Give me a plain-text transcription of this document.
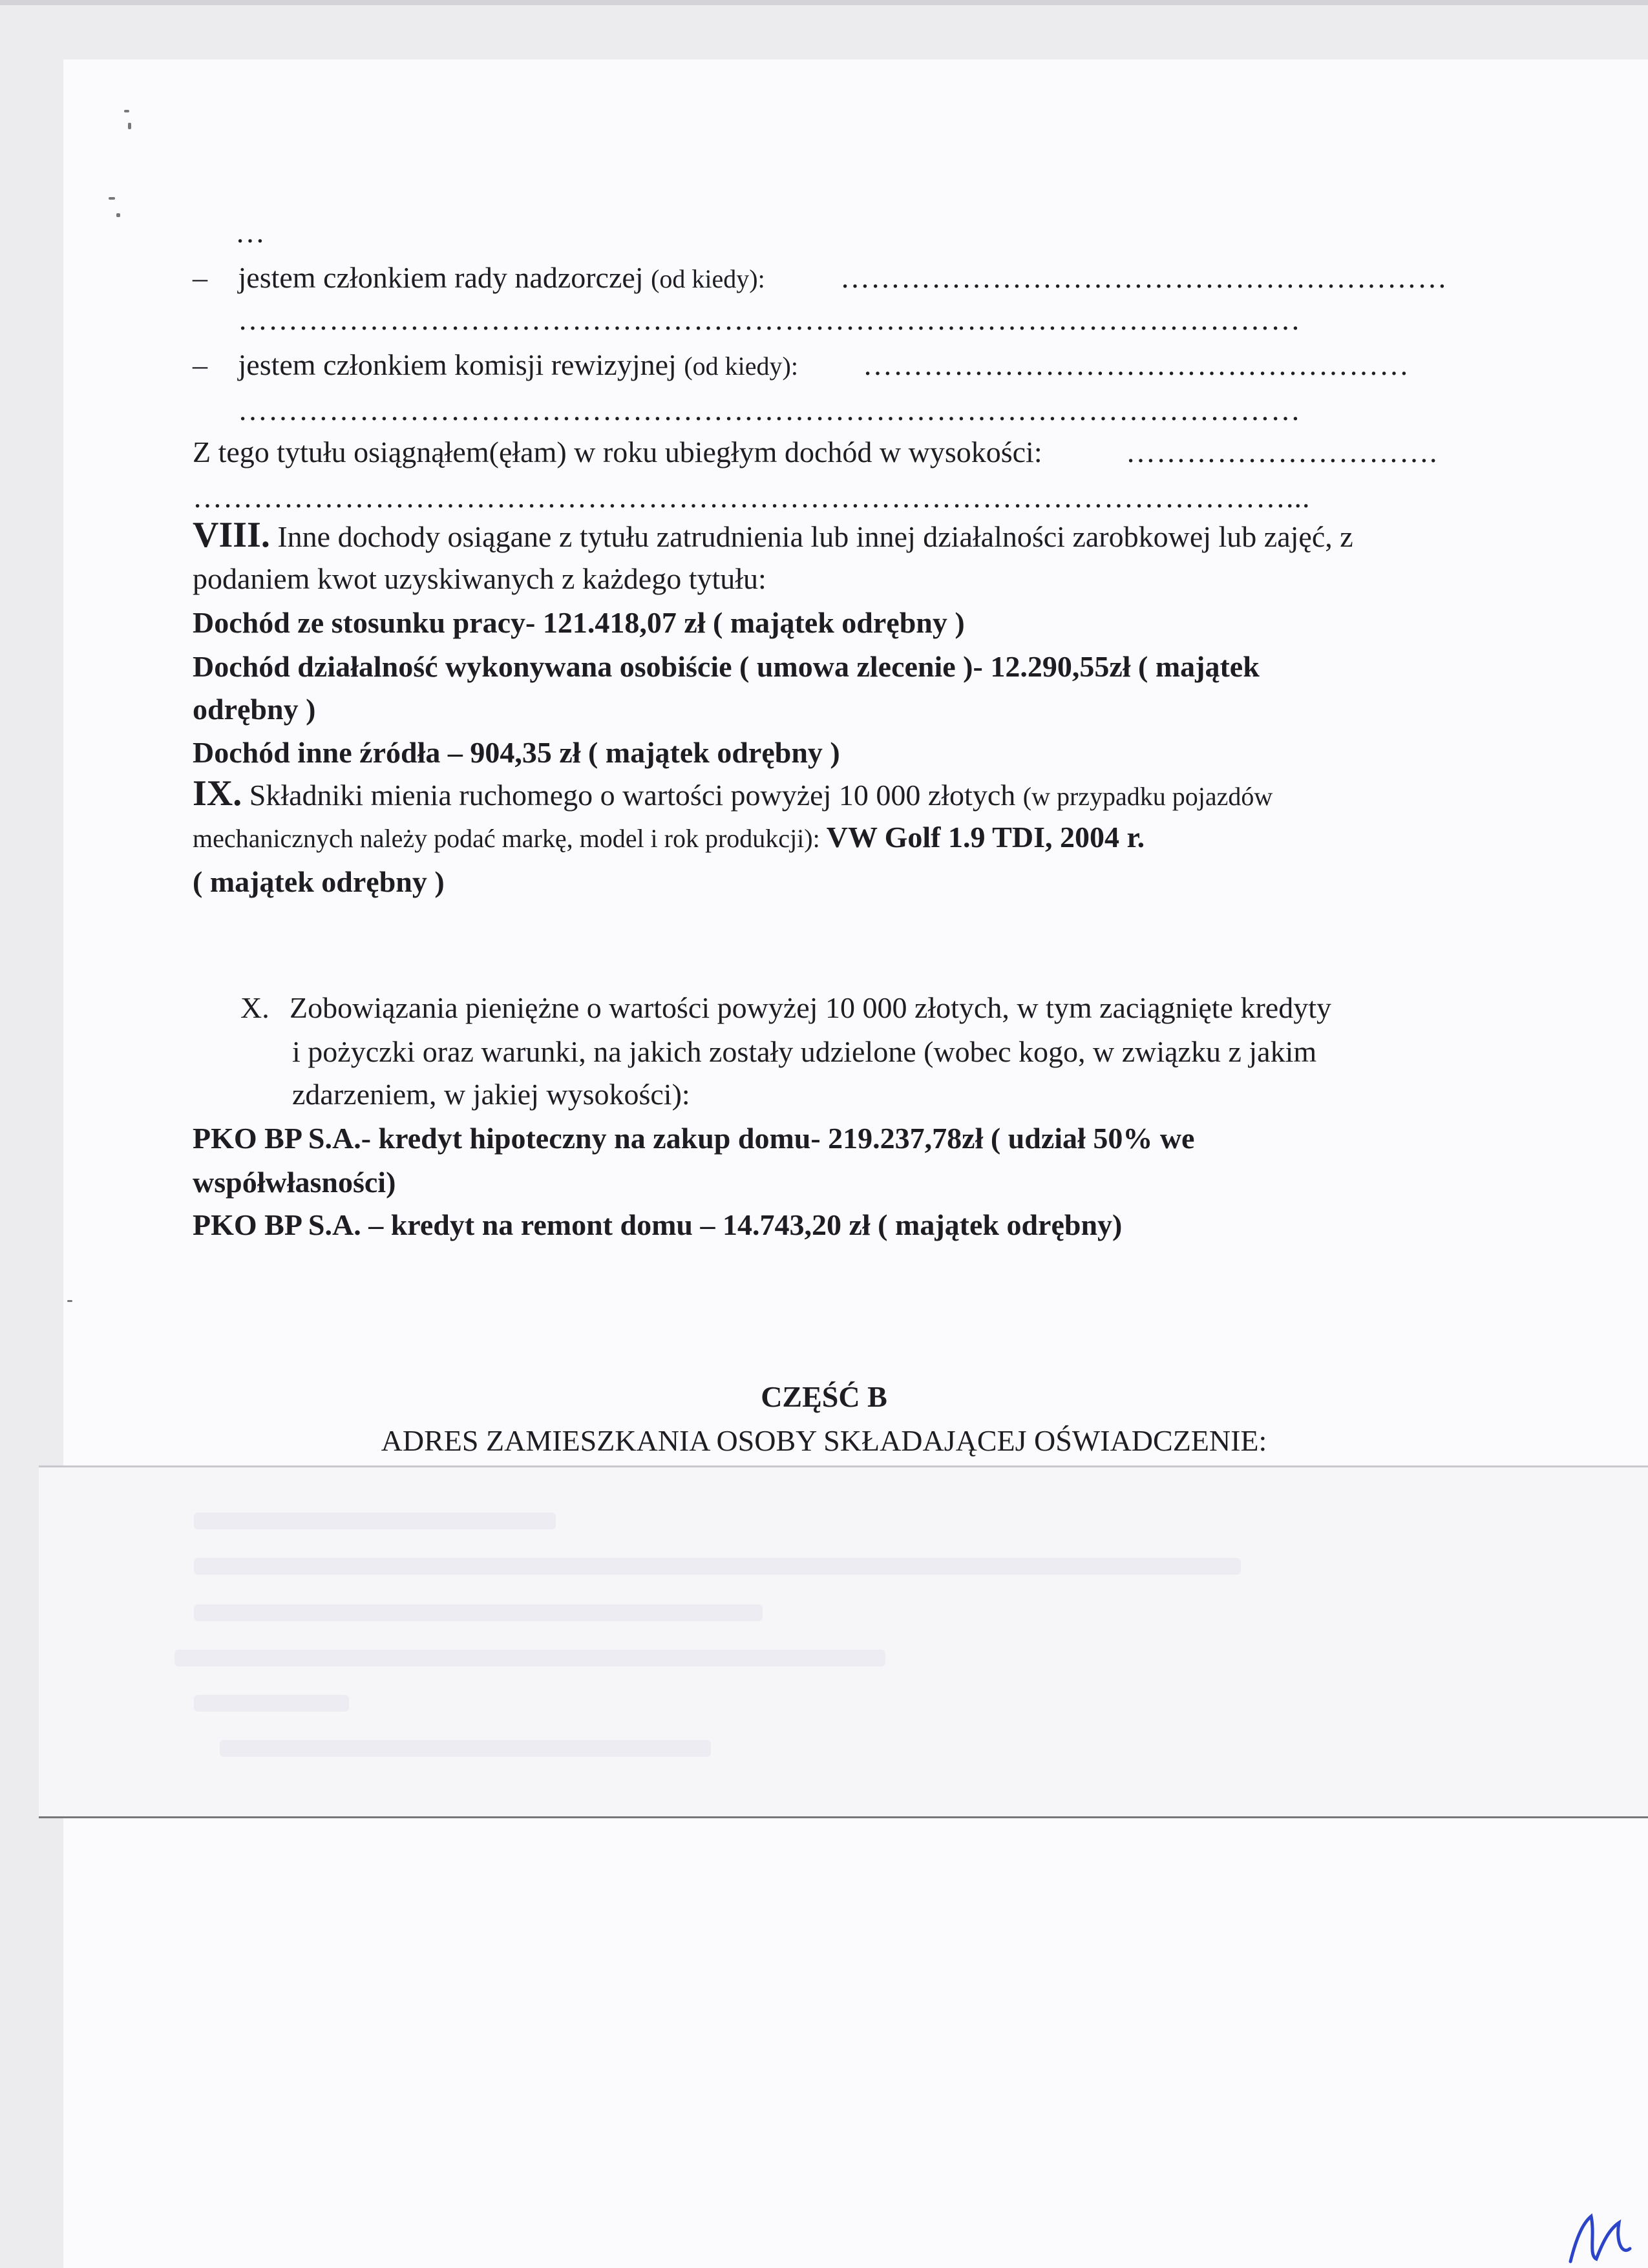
…
– jestem członkiem rady nadzorczej (od kiedy):	……………………………………………………
……………………………………………………………………………………………
– jestem członkiem komisji rewizyjnej (od kiedy): ………………………………………………
……………………………………………………………………………………………
Z tego tytułu osiągnąłem(ęłam) w roku ubiegłym dochód w wysokości:	………………………….
………………………………………………………………………………………………...
VIII. Inne dochody osiągane z tytułu zatrudnienia lub innej działalności zarobkowej lub zajęć, z
podaniem kwot uzyskiwanych z każdego tytułu:
Dochód ze stosunku pracy- 121.418,07 zł ( majątek odrębny )
Dochód działalność wykonywana osobiście ( umowa zlecenie )- 12.290,55zł ( majątek
odrębny )
Dochód inne źródła – 904,35 zł ( majątek odrębny )
IX. Składniki mienia ruchomego o wartości powyżej 10 000 złotych (w przypadku pojazdów
mechanicznych należy podać markę, model i rok produkcji): VW Golf 1.9 TDI, 2004 r.
( majątek odrębny )
X. Zobowiązania pieniężne o wartości powyżej 10 000 złotych, w tym zaciągnięte kredyty
i pożyczki oraz warunki, na jakich zostały udzielone (wobec kogo, w związku z jakim
zdarzeniem, w jakiej wysokości):
PKO BP S.A.- kredyt hipoteczny na zakup domu- 219.237,78zł ( udział 50% we
współwłasności)
PKO BP S.A. – kredyt na remont domu – 14.743,20 zł ( majątek odrębny)
CZĘŚĆ B
ADRES ZAMIESZKANIA OSOBY SKŁADAJĄCEJ OŚWIADCZENIE:
